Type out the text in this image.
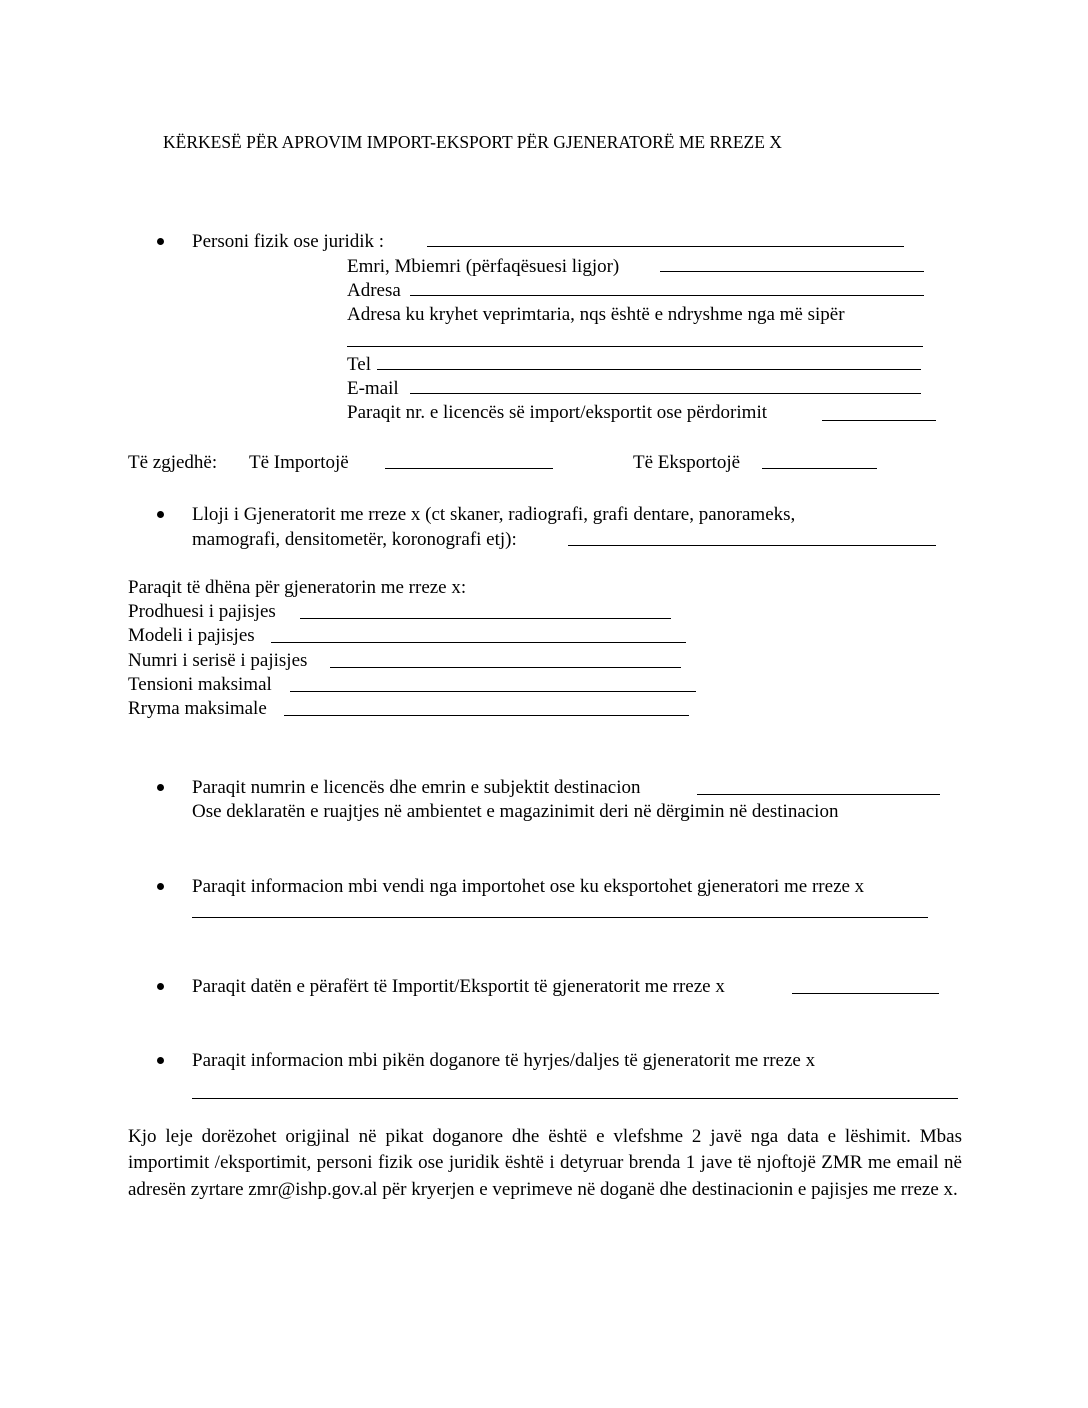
KËRKESË PËR APROVIM IMPORT-EKSPORT PËR GJENERATORË ME RREZE X
Personi fizik ose juridik :
Emri, Mbiemri (përfaqësuesi ligjor)
Adresa
Adresa ku kryhet veprimtaria, nqs është e ndryshme nga më sipër
Tel
E-mail
Paraqit nr. e licencës së import/eksportit ose përdorimit
Të zgjedhë: Të Importojë	Të Eksportojë
Lloji i Gjeneratorit me rreze x (ct skaner, radiografi, grafi dentare, panorameks,
mamografi, densitometër, koronografi etj):
Paraqit të dhëna për gjeneratorin me rreze x:
Prodhuesi i pajisjes
Modeli i pajisjes
Numri i serisë i pajisjes
Tensioni maksimal
Rryma maksimale
Paraqit numrin e licencës dhe emrin e subjektit destinacion
Ose deklaratën e ruajtjes në ambientet e magazinimit deri në dërgimin në destinacion
Paraqit informacion mbi vendi nga importohet ose ku eksportohet gjeneratori me rreze x
Paraqit datën e përafërt të Importit/Eksportit të gjeneratorit me rreze x
Paraqit informacion mbi pikën doganore të hyrjes/daljes të gjeneratorit me rreze x
Kjo leje dorëzohet origjinal në pikat doganore dhe është e vlefshme 2 javë nga data e lëshimit. Mbas importimit /eksportimit, personi fizik ose juridik është i detyruar brenda 1 jave të njoftojë ZMR me email në adresën zyrtare zmr@ishp.gov.al për kryerjen e veprimeve në doganë dhe destinacionin e pajisjes me rreze x.
